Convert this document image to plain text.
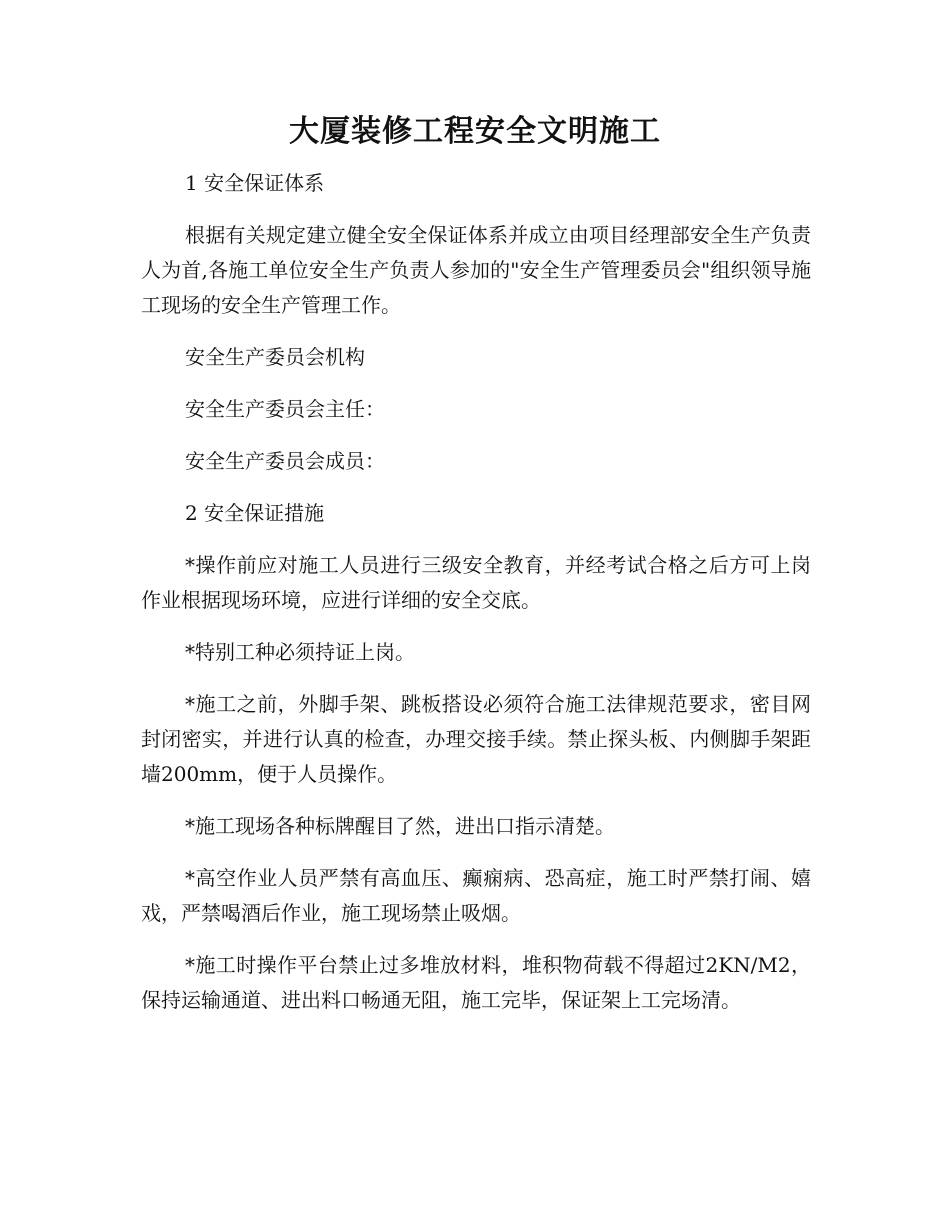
大厦装修工程安全文明施工

1 安全保证体系

根据有关规定建立健全安全保证体系并成立由项目经理部安全生产负责人为首,各施工单位安全生产负责人参加的"安全生产管理委员会"组织领导施工现场的安全生产管理工作。

安全生产委员会机构

安全生产委员会主任：

安全生产委员会成员：

2 安全保证措施

*操作前应对施工人员进行三级安全教育，并经考试合格之后方可上岗作业根据现场环境，应进行详细的安全交底。

*特别工种必须持证上岗。

*施工之前，外脚手架、跳板搭设必须符合施工法律规范要求，密目网封闭密实，并进行认真的检查，办理交接手续。禁止探头板、内侧脚手架距墙200mm，便于人员操作。

*施工现场各种标牌醒目了然，进出口指示清楚。

*高空作业人员严禁有高血压、癫痫病、恐高症，施工时严禁打闹、嬉戏，严禁喝酒后作业，施工现场禁止吸烟。

*施工时操作平台禁止过多堆放材料，堆积物荷载不得超过2KN/M2，保持运输通道、进出料口畅通无阻，施工完毕，保证架上工完场清。
